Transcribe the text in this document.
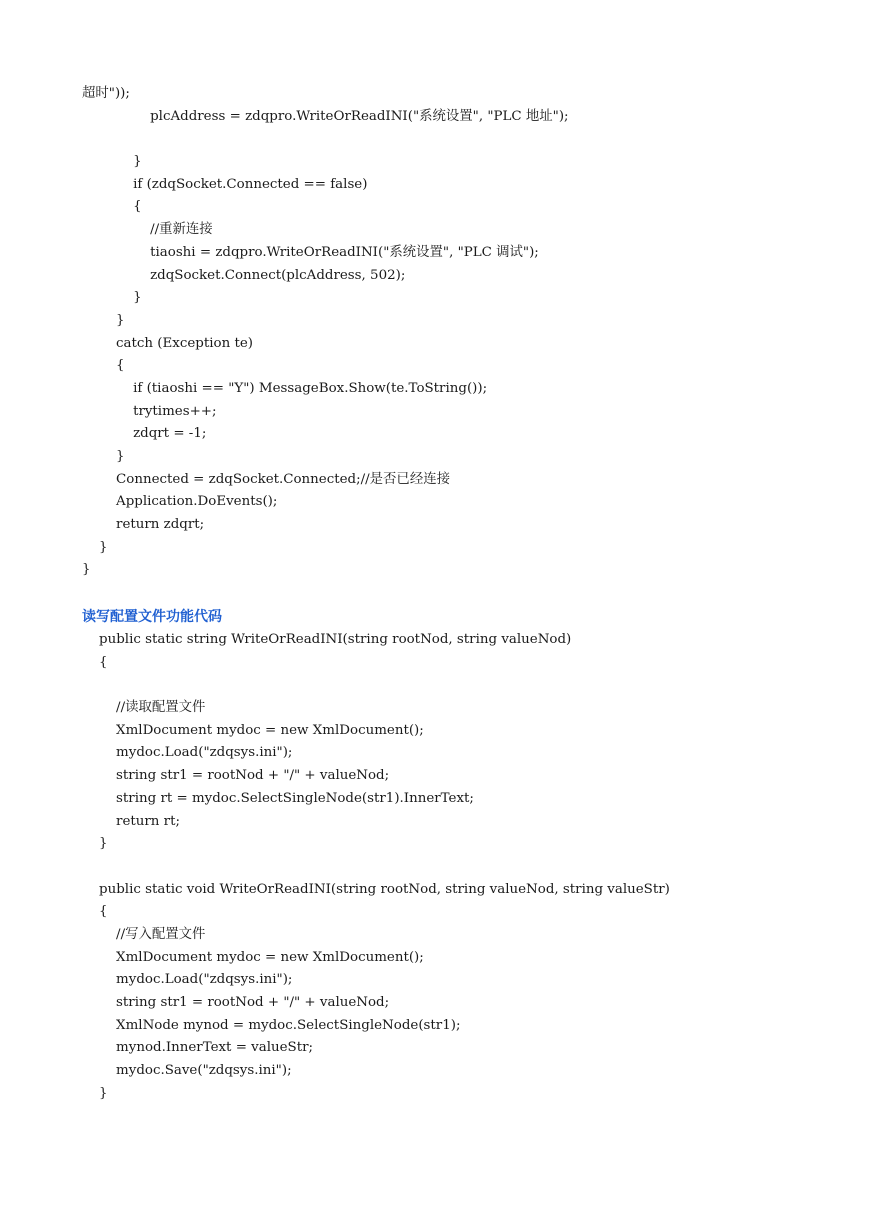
超时"));
plcAddress = zdqpro.WriteOrReadINI("系统设置", "PLC 地址");
}
if (zdqSocket.Connected == false)
{
//重新连接
tiaoshi = zdqpro.WriteOrReadINI("系统设置", "PLC 调试");
zdqSocket.Connect(plcAddress, 502);
}
}
catch (Exception te)
{
if (tiaoshi == "Y") MessageBox.Show(te.ToString());
trytimes++;
zdqrt = -1;
}
Connected = zdqSocket.Connected;//是否已经连接
Application.DoEvents();
return zdqrt;
}
}
读写配置文件功能代码
public static string WriteOrReadINI(string rootNod, string valueNod)
{
//读取配置文件
XmlDocument mydoc = new XmlDocument();
mydoc.Load("zdqsys.ini");
string str1 = rootNod + "/" + valueNod;
string rt = mydoc.SelectSingleNode(str1).InnerText;
return rt;
}
public static void WriteOrReadINI(string rootNod, string valueNod, string valueStr)
{
//写入配置文件
XmlDocument mydoc = new XmlDocument();
mydoc.Load("zdqsys.ini");
string str1 = rootNod + "/" + valueNod;
XmlNode mynod = mydoc.SelectSingleNode(str1);
mynod.InnerText = valueStr;
mydoc.Save("zdqsys.ini");
}
